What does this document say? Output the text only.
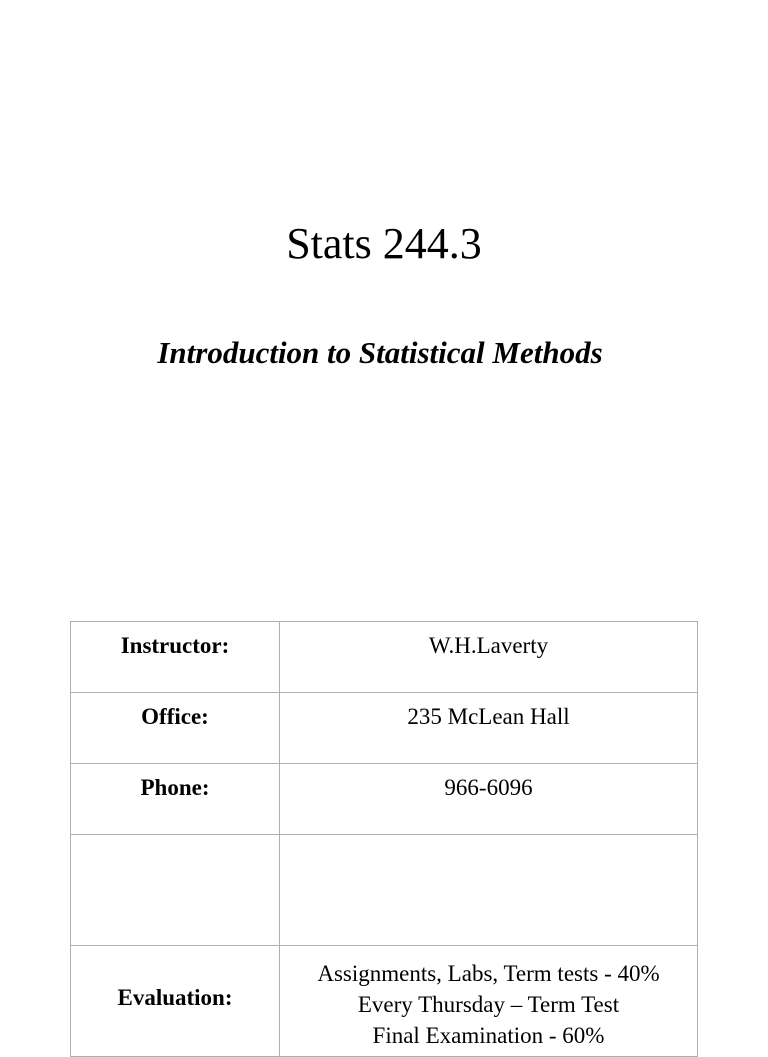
Stats 244.3
Introduction to Statistical Methods
Instructor:	W.H.Laverty

Office:	235 McLean Hall

Phone:	966-6096

Evaluation:	Assignments, Labs, Term tests - 40%
Every Thursday – Term Test
Final Examination - 60%
